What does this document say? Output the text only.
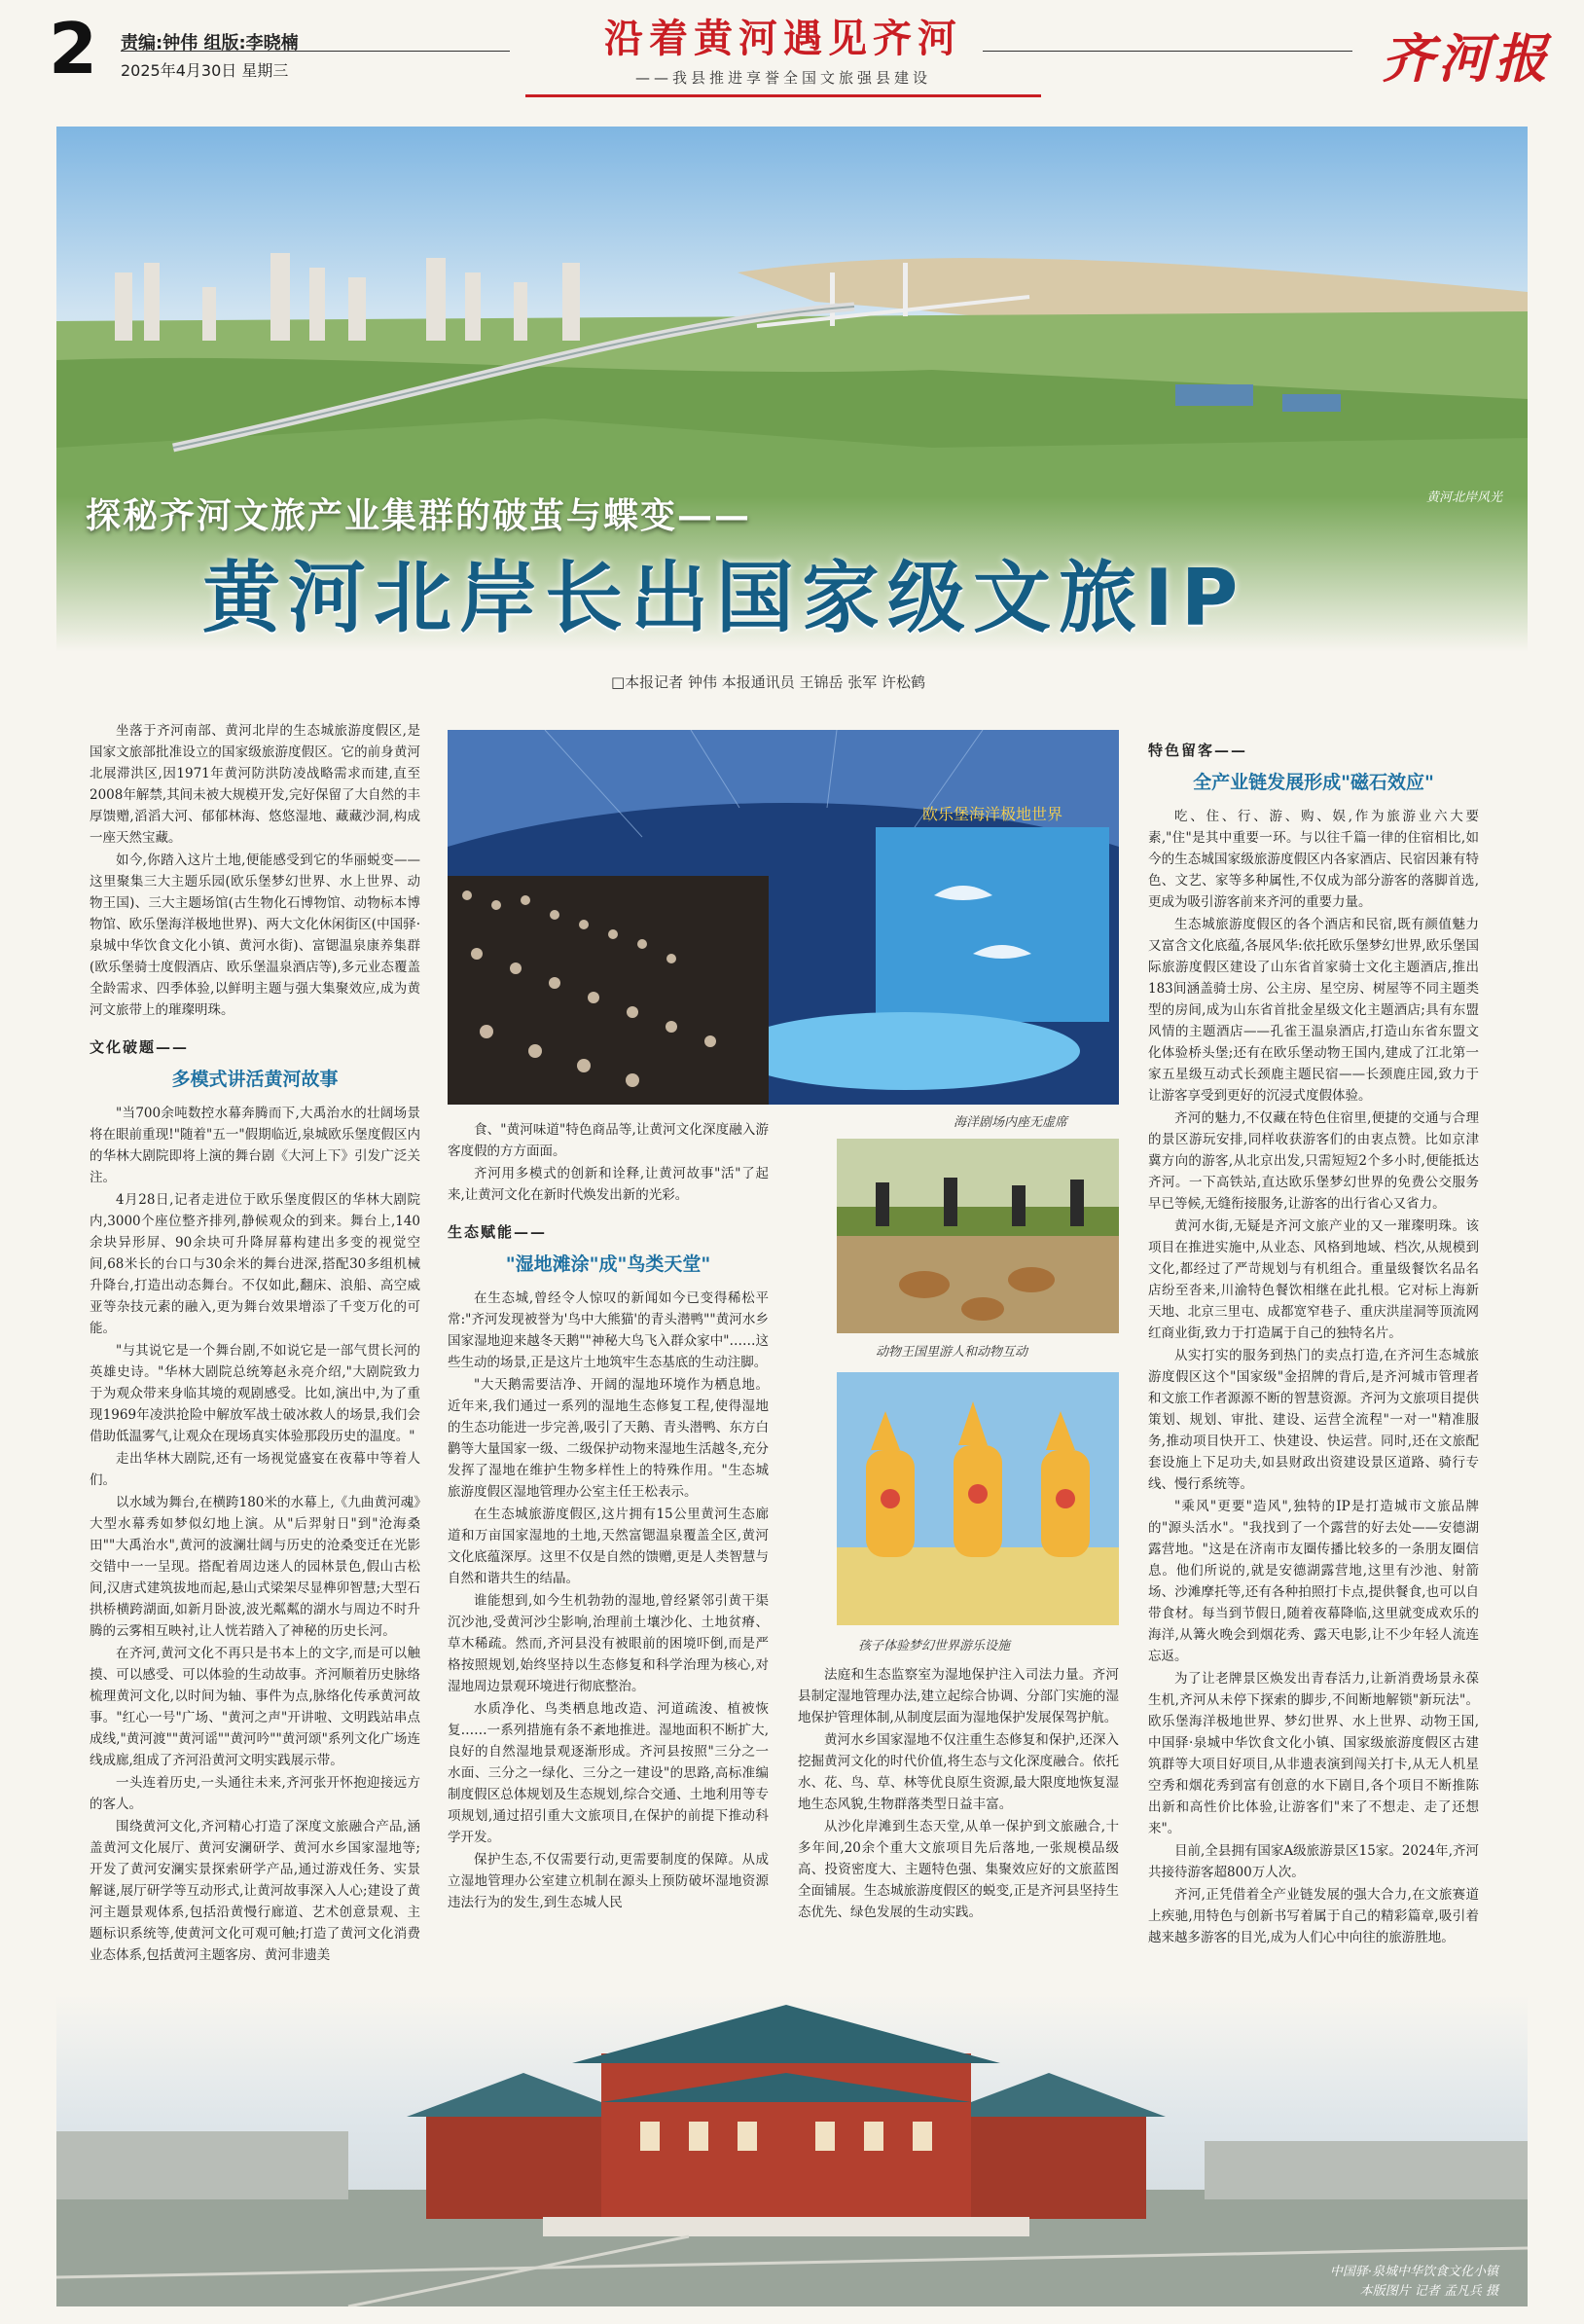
2 责编:钟伟 组版:李晓楠
2025年4月30日 星期三
沿着黄河遇见齐河
——我县推进享誉全国文旅强县建设	齐河报
黄河北岸风光
探秘齐河文旅产业集群的破茧与蝶变——
黄河北岸长出国家级文旅IP
□本报记者 钟伟 本报通讯员 王锦岳 张军 许松鹤

坐落于齐河南部、黄河北岸的生态城旅游度假区,是国家文旅部批准设立的国家级旅游度假区。它的前身黄河北展滞洪区,因1971年黄河防洪防凌战略需求而建,直至2008年解禁,其间未被大规模开发,完好保留了大自然的丰厚馈赠,滔滔大河、郁郁林海、悠悠湿地、藏藏沙洞,构成一座天然宝藏。

如今,你踏入这片土地,便能感受到它的华丽蜕变——这里聚集三大主题乐园(欧乐堡梦幻世界、水上世界、动物王国)、三大主题场馆(古生物化石博物馆、动物标本博物馆、欧乐堡海洋极地世界)、两大文化休闲街区(中国驿·泉城中华饮食文化小镇、黄河水街)、富锶温泉康养集群(欧乐堡骑士度假酒店、欧乐堡温泉酒店等),多元业态覆盖全龄需求、四季体验,以鲜明主题与强大集聚效应,成为黄河文旅带上的璀璨明珠。

文化破题——
多模式讲活黄河故事

"当700余吨数控水幕奔腾而下,大禹治水的壮阔场景将在眼前重现!"随着"五一"假期临近,泉城欧乐堡度假区内的华林大剧院即将上演的舞台剧《大河上下》引发广泛关注。

4月28日,记者走进位于欧乐堡度假区的华林大剧院内,3000个座位整齐排列,静候观众的到来。舞台上,140余块异形屏、90余块可升降屏幕构建出多变的视觉空间,68米长的台口与30余米的舞台进深,搭配30多组机械升降台,打造出动态舞台。不仅如此,翻床、浪船、高空威亚等杂技元素的融入,更为舞台效果增添了千变万化的可能。

"与其说它是一个舞台剧,不如说它是一部气贯长河的英雄史诗。"华林大剧院总统筹赵永亮介绍,"大剧院致力于为观众带来身临其境的观剧感受。比如,演出中,为了重现1969年凌洪抢险中解放军战士破冰救人的场景,我们会借助低温雾气,让观众在现场真实体验那段历史的温度。"

走出华林大剧院,还有一场视觉盛宴在夜幕中等着人们。

以水域为舞台,在横跨180米的水幕上,《九曲黄河魂》大型水幕秀如梦似幻地上演。从"后羿射日"到"沧海桑田""大禹治水",黄河的波澜壮阔与历史的沧桑变迁在光影交错中一一呈现。搭配着周边迷人的园林景色,假山古松间,汉唐式建筑拔地而起,悬山式梁架尽显榫卯智慧;大型石拱桥横跨湖面,如新月卧波,波光粼粼的湖水与周边不时升腾的云雾相互映衬,让人恍若踏入了神秘的历史长河。

在齐河,黄河文化不再只是书本上的文字,而是可以触摸、可以感受、可以体验的生动故事。齐河顺着历史脉络梳理黄河文化,以时间为轴、事件为点,脉络化传承黄河故事。"红心一号"广场、"黄河之声"开讲啦、文明践站串点成线,"黄河渡""黄河谣""黄河吟""黄河颂"系列文化广场连线成廊,组成了齐河沿黄河文明实践展示带。

一头连着历史,一头通往未来,齐河张开怀抱迎接远方的客人。

围绕黄河文化,齐河精心打造了深度文旅融合产品,涵盖黄河文化展厅、黄河安澜研学、黄河水乡国家湿地等;开发了黄河安澜实景探索研学产品,通过游戏任务、实景解谜,展厅研学等互动形式,让黄河故事深入人心;建设了黄河主题景观体系,包括沿黄慢行廊道、艺术创意景观、主题标识系统等,使黄河文化可观可触;打造了黄河文化消费业态体系,包括黄河主题客房、黄河非遗美

欧乐堡海洋极地世界
海洋剧场内座无虚席
动物王国里游人和动物互动
孩子体验梦幻世界游乐设施

食、"黄河味道"特色商品等,让黄河文化深度融入游客度假的方方面面。

齐河用多模式的创新和诠释,让黄河故事"活"了起来,让黄河文化在新时代焕发出新的光彩。

生态赋能——
"湿地滩涂"成"鸟类天堂"

在生态城,曾经令人惊叹的新闻如今已变得稀松平常:"齐河发现被誉为'鸟中大熊猫'的青头潜鸭""黄河水乡国家湿地迎来越冬天鹅""神秘大鸟飞入群众家中"……这些生动的场景,正是这片土地筑牢生态基底的生动注脚。

"大天鹅需要洁净、开阔的湿地环境作为栖息地。近年来,我们通过一系列的湿地生态修复工程,使得湿地的生态功能进一步完善,吸引了天鹅、青头潜鸭、东方白鹳等大量国家一级、二级保护动物来湿地生活越冬,充分发挥了湿地在维护生物多样性上的特殊作用。"生态城旅游度假区湿地管理办公室主任王松表示。

在生态城旅游度假区,这片拥有15公里黄河生态廊道和万亩国家湿地的土地,天然富锶温泉覆盖全区,黄河文化底蕴深厚。这里不仅是自然的馈赠,更是人类智慧与自然和谐共生的结晶。

谁能想到,如今生机勃勃的湿地,曾经紧邻引黄干渠沉沙池,受黄河沙尘影响,治理前土壤沙化、土地贫瘠、草木稀疏。然而,齐河县没有被眼前的困境吓倒,而是严格按照规划,始终坚持以生态修复和科学治理为核心,对湿地周边景观环境进行彻底整治。

水质净化、鸟类栖息地改造、河道疏浚、植被恢复……一系列措施有条不紊地推进。湿地面积不断扩大,良好的自然湿地景观逐渐形成。齐河县按照"三分之一水面、三分之一绿化、三分之一建设"的思路,高标准编制度假区总体规划及生态规划,综合交通、土地利用等专项规划,通过招引重大文旅项目,在保护的前提下推动科学开发。

保护生态,不仅需要行动,更需要制度的保障。从成立湿地管理办公室建立机制在源头上预防破坏湿地资源违法行为的发生,到生态城人民

法庭和生态监察室为湿地保护注入司法力量。齐河县制定湿地管理办法,建立起综合协调、分部门实施的湿地保护管理体制,从制度层面为湿地保护发展保驾护航。

黄河水乡国家湿地不仅注重生态修复和保护,还深入挖掘黄河文化的时代价值,将生态与文化深度融合。依托水、花、鸟、草、林等优良原生资源,最大限度地恢复湿地生态风貌,生物群落类型日益丰富。

从沙化岸滩到生态天堂,从单一保护到文旅融合,十多年间,20余个重大文旅项目先后落地,一张规模品级高、投资密度大、主题特色强、集聚效应好的文旅蓝图全面铺展。生态城旅游度假区的蜕变,正是齐河县坚持生态优先、绿色发展的生动实践。

特色留客——
全产业链发展形成"磁石效应"

吃、住、行、游、购、娱,作为旅游业六大要素,"住"是其中重要一环。与以往千篇一律的住宿相比,如今的生态城国家级旅游度假区内各家酒店、民宿因兼有特色、文艺、家等多种属性,不仅成为部分游客的落脚首选,更成为吸引游客前来齐河的重要力量。

生态城旅游度假区的各个酒店和民宿,既有颜值魅力又富含文化底蕴,各展风华:依托欧乐堡梦幻世界,欧乐堡国际旅游度假区建设了山东省首家骑士文化主题酒店,推出183间涵盖骑士房、公主房、星空房、树屋等不同主题类型的房间,成为山东省首批金星级文化主题酒店;具有东盟风情的主题酒店——孔雀王温泉酒店,打造山东省东盟文化体验桥头堡;还有在欧乐堡动物王国内,建成了江北第一家五星级互动式长颈鹿主题民宿——长颈鹿庄园,致力于让游客享受到更好的沉浸式度假体验。

齐河的魅力,不仅藏在特色住宿里,便捷的交通与合理的景区游玩安排,同样收获游客们的由衷点赞。比如京津冀方向的游客,从北京出发,只需短短2个多小时,便能抵达齐河。一下高铁站,直达欧乐堡梦幻世界的免费公交服务早已等候,无缝衔接服务,让游客的出行省心又省力。

黄河水街,无疑是齐河文旅产业的又一璀璨明珠。该项目在推进实施中,从业态、风格到地域、档次,从规模到文化,都经过了严苛规划与有机组合。重量级餐饮名品名店纷至沓来,川渝特色餐饮相继在此扎根。它对标上海新天地、北京三里屯、成都宽窄巷子、重庆洪崖洞等顶流网红商业街,致力于打造属于自己的独特名片。

从实打实的服务到热门的卖点打造,在齐河生态城旅游度假区这个"国家级"金招牌的背后,是齐河城市管理者和文旅工作者源源不断的智慧资源。齐河为文旅项目提供策划、规划、审批、建设、运营全流程"一对一"精准服务,推动项目快开工、快建设、快运营。同时,还在文旅配套设施上下足功夫,如县财政出资建设景区道路、骑行专线、慢行系统等。

"乘风"更要"造风",独特的IP是打造城市文旅品牌的"源头活水"。"我找到了一个露营的好去处——安德湖露营地。"这是在济南市友圈传播比较多的一条朋友圈信息。他们所说的,就是安德湖露营地,这里有沙池、射箭场、沙滩摩托等,还有各种拍照打卡点,提供餐食,也可以自带食材。每当到节假日,随着夜幕降临,这里就变成欢乐的海洋,从篝火晚会到烟花秀、露天电影,让不少年轻人流连忘返。

为了让老牌景区焕发出青春活力,让新消费场景永葆生机,齐河从未停下探索的脚步,不间断地解锁"新玩法"。欧乐堡海洋极地世界、梦幻世界、水上世界、动物王国,中国驿·泉城中华饮食文化小镇、国家级旅游度假区古建筑群等大项目好项目,从非遗表演到闯关打卡,从无人机星空秀和烟花秀到富有创意的水下剧目,各个项目不断推陈出新和高性价比体验,让游客们"来了不想走、走了还想来"。

目前,全县拥有国家A级旅游景区15家。2024年,齐河共接待游客超800万人次。

齐河,正凭借着全产业链发展的强大合力,在文旅赛道上疾驰,用特色与创新书写着属于自己的精彩篇章,吸引着越来越多游客的目光,成为人们心中向往的旅游胜地。

中国驿·泉城中华饮食文化小镇
本版图片 记者 孟凡兵 摄
